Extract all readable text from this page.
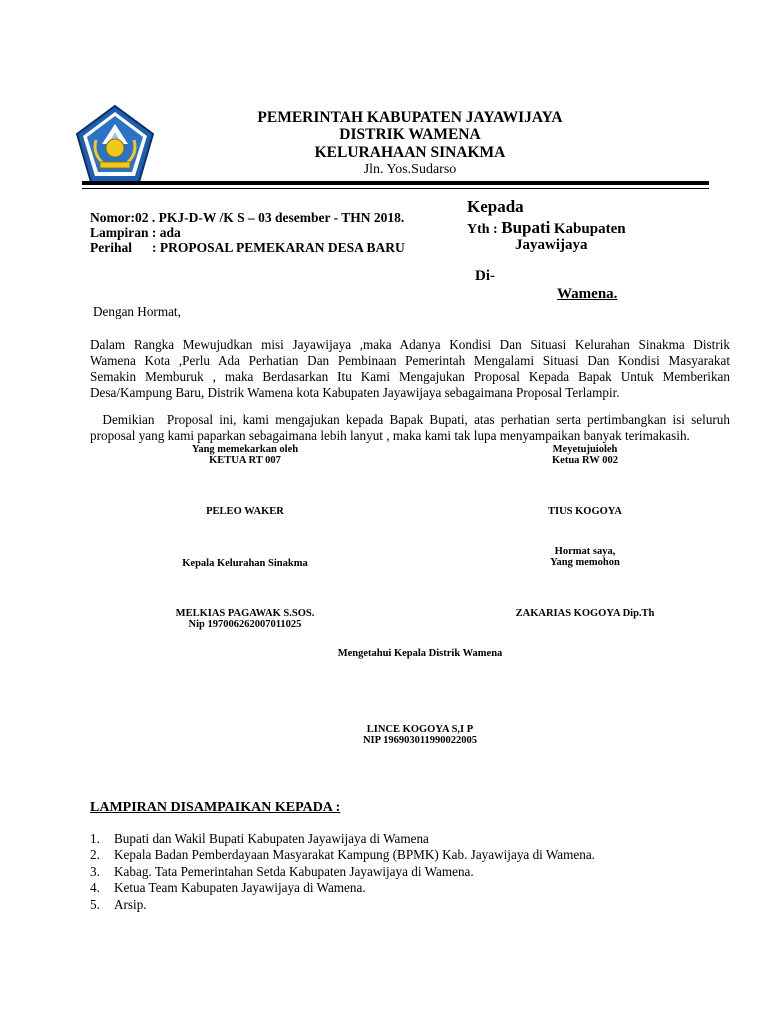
PEMERINTAH KABUPATEN JAYAWIJAYA
DISTRIK WAMENA
KELURAHAAN SINAKMA
Jln. Yos.Sudarso
Nomor:02 . PKJ-D-W /K S – 03 desember - THN 2018.
Lampiran : ada
Perihal : PROPOSAL PEMEKARAN DESA BARU
Kepada
Yth : Bupati Kabupaten
Jayawijaya
Di-
Wamena.
Dengan Hormat,
Dalam Rangka Mewujudkan misi Jayawijaya ,maka Adanya Kondisi Dan Situasi Kelurahan Sinakma Distrik
Wamena Kota ,Perlu Ada Perhatian Dan Pembinaan Pemerintah Mengalami Situasi Dan Kondisi Masyarakat
Semakin Memburuk , maka Berdasarkan Itu Kami Mengajukan Proposal Kepada Bapak Untuk Memberikan
Desa/Kampung Baru, Distrik Wamena kota Kabupaten Jayawijaya sebagaimana Proposal Terlampir.
Demikian  Proposal ini, kami mengajukan kepada Bapak Bupati, atas perhatian serta pertimbangkan isi seluruh
proposal yang kami paparkan sebagaimana lebih lanyut , maka kami tak lupa menyampaikan banyak terimakasih.
Yang memekarkan oleh
KETUA RT 007
PELEO WAKER
Meyetujuioleh
Ketua RW 002
TIUS KOGOYA
Kepala Kelurahan Sinakma
MELKIAS PAGAWAK S.SOS.
Nip 197006262007011025
Hormat saya,
Yang memohon
ZAKARIAS KOGOYA Dip.Th
Mengetahui Kepala Distrik Wamena
LINCE KOGOYA S,I P
NIP 196903011990022005
LAMPIRAN DISAMPAIKAN KEPADA :
1.	Bupati dan Wakil Bupati Kabupaten Jayawijaya di Wamena
2.	Kepala Badan Pemberdayaan Masyarakat Kampung (BPMK) Kab. Jayawijaya di Wamena.
3.	Kabag. Tata Pemerintahan Setda Kabupaten Jayawijaya di Wamena.
4.	Ketua Team Kabupaten Jayawijaya di Wamena.
5.	Arsip.
